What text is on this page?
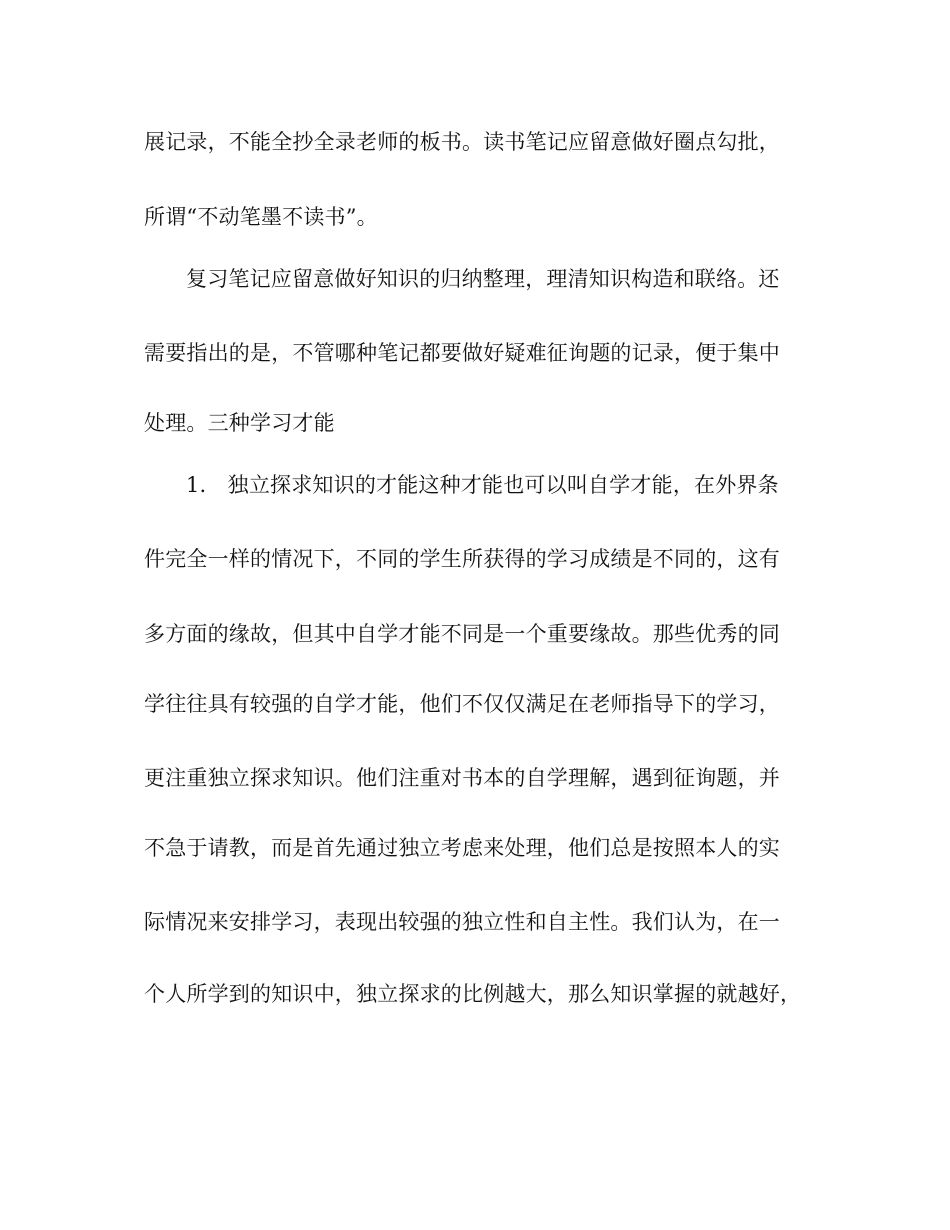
展记录，不能全抄全录老师的板书。读书笔记应留意做好圈点勾批，
所谓“不动笔墨不读书”。
复习笔记应留意做好知识的归纳整理，理清知识构造和联络。还
需要指出的是，不管哪种笔记都要做好疑难征询题的记录，便于集中
处理。三种学习才能
1.　独立探求知识的才能这种才能也可以叫自学才能，在外界条
件完全一样的情况下，不同的学生所获得的学习成绩是不同的，这有
多方面的缘故，但其中自学才能不同是一个重要缘故。那些优秀的同
学往往具有较强的自学才能，他们不仅仅满足在老师指导下的学习，
更注重独立探求知识。他们注重对书本的自学理解，遇到征询题，并
不急于请教，而是首先通过独立考虑来处理，他们总是按照本人的实
际情况来安排学习，表现出较强的独立性和自主性。我们认为，在一
个人所学到的知识中，独立探求的比例越大，那么知识掌握的就越好，
